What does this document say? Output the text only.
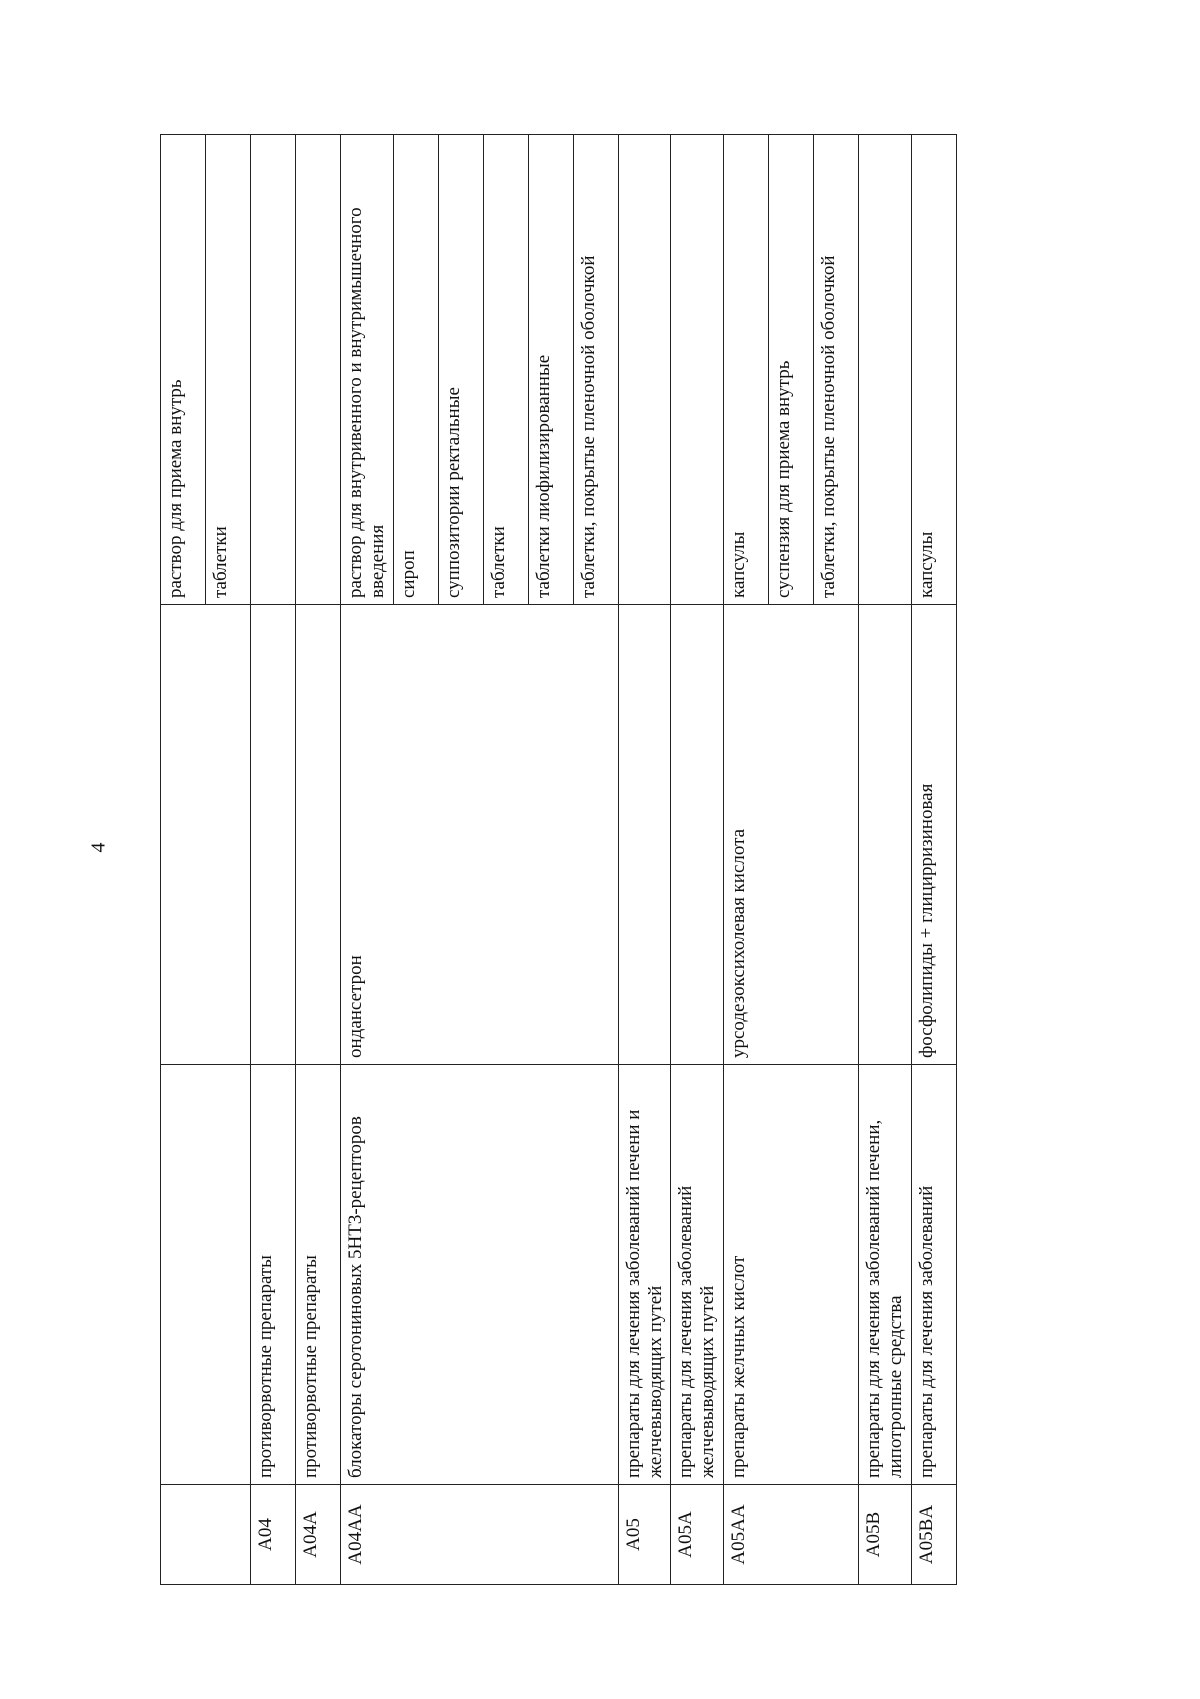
4
			раствор для приема внутрь
			таблетки
A04	противорвотные препараты		
A04A	противорвотные препараты		
A04AA	блокаторы серотониновых 5HT3-рецепторов	ондансетрон	раствор для внутривенного и внутримышечного введения
			сироп
			суппозитории ректальные
			таблетки
			таблетки лиофилизированные
			таблетки, покрытые пленочной оболочкой
A05	препараты для лечения заболеваний печени и желчевыводящих путей		
A05A	препараты для лечения заболеваний желчевыводящих путей		
A05AA	препараты желчных кислот	урсодезоксихолевая кислота	капсулы
			суспензия для приема внутрь
			таблетки, покрытые пленочной оболочкой
A05B	препараты для лечения заболеваний печени, липотропные средства		
A05BA	препараты для лечения заболеваний	фосфолипиды + глицирризиновая	капсулы
